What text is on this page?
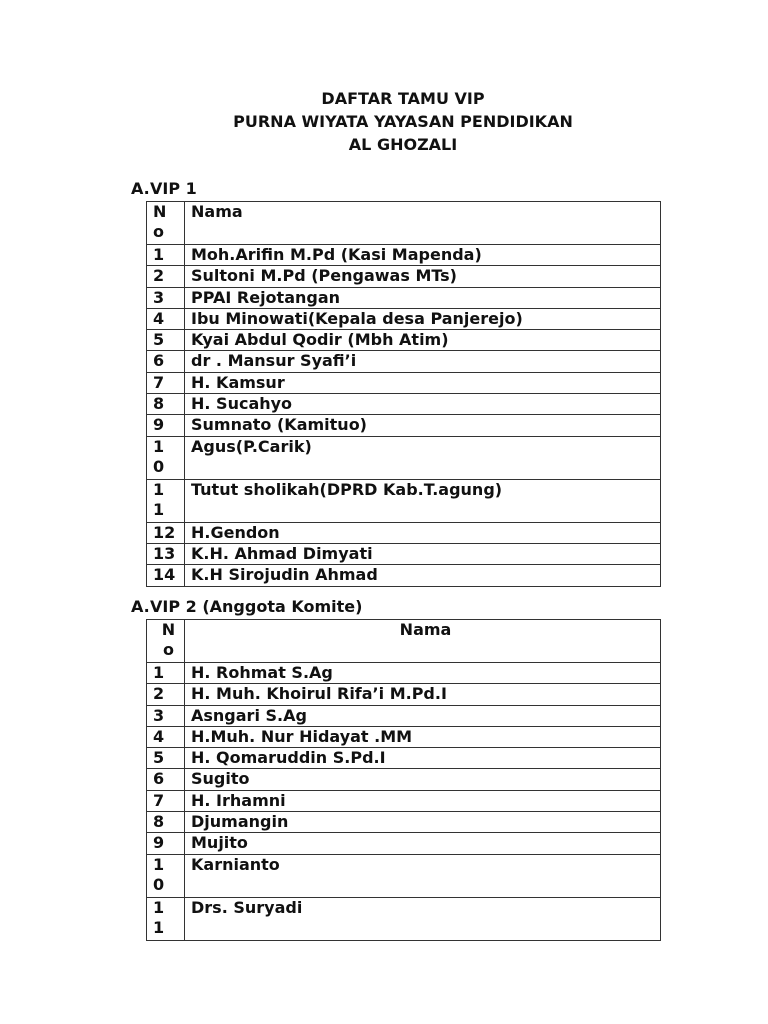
DAFTAR TAMU VIP
PURNA WIYATA YAYASAN PENDIDIKAN
AL GHOZALI
A.VIP 1
N
o	Nama
1	Moh.Arifin M.Pd (Kasi Mapenda)
2	Sultoni M.Pd (Pengawas MTs)
3	PPAI Rejotangan
4	Ibu Minowati(Kepala desa Panjerejo)
5	Kyai Abdul Qodir (Mbh Atim)
6	dr . Mansur Syafi’i
7	H. Kamsur
8	H. Sucahyo
9	Sumnato (Kamituo)
1
0	Agus(P.Carik)
1
1	Tutut sholikah(DPRD Kab.T.agung)
12	H.Gendon
13	K.H. Ahmad Dimyati
14	K.H Sirojudin Ahmad
A.VIP 2 (Anggota Komite)
N
o	Nama
1	H. Rohmat S.Ag
2	H. Muh. Khoirul Rifa’i M.Pd.I
3	Asngari S.Ag
4	H.Muh. Nur Hidayat .MM
5	H. Qomaruddin S.Pd.I
6	Sugito
7	H. Irhamni
8	Djumangin
9	Mujito
1
0	Karnianto
1
1	Drs. Suryadi
